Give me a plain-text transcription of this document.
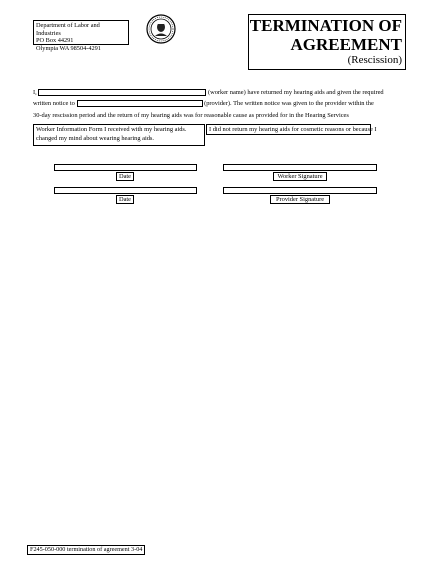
Department of Labor and Industries
PO Box 44291
Olympia WA 98504-4291
TERMINATION OF
AGREEMENT
(Rescission)
I,	(worker name) have returned my hearing aids and given the required
written notice to	(provider). The written notice was given to the provider within the
30-day rescission period and the return of my hearing aids was for reasonable cause as provided for in the Hearing Services
Worker Information Form I received with my hearing aids.
changed my mind about wearing hearing aids.
I did not return my hearing aids for cosmetic reasons or because I
Date	Worker Signature
Date	Provider Signature
F245-050-000 termination of agreement 3-04
